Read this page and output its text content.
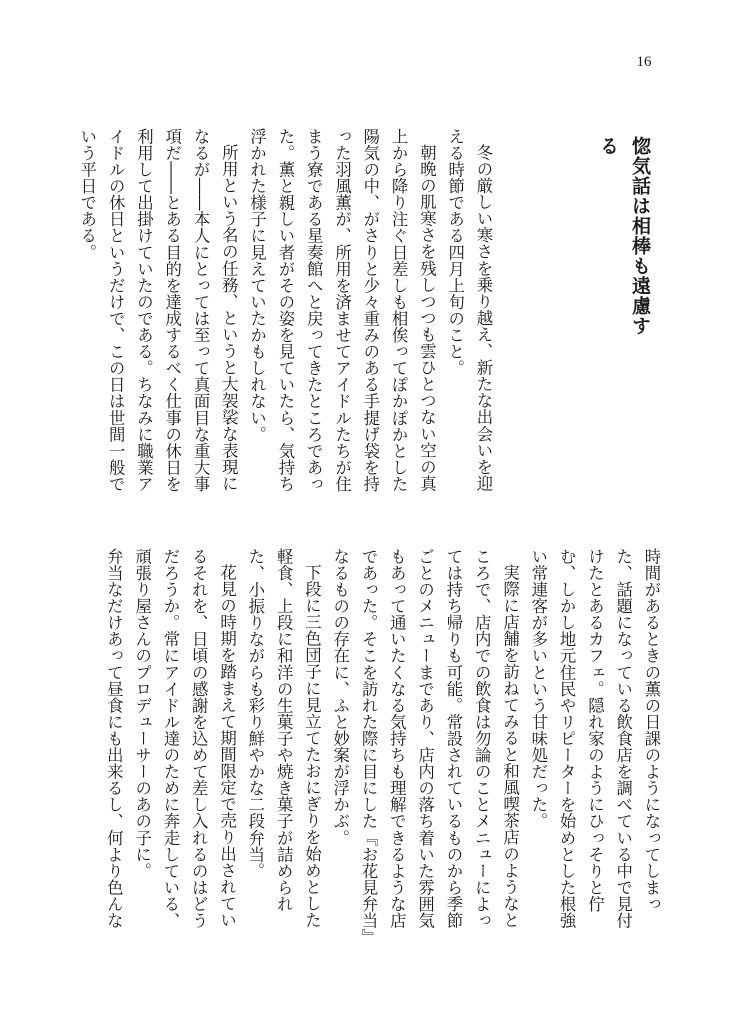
16
惚気話は相棒も遠慮する

冬の厳しい寒さを乗り越え、新たな出会いを迎える時節である四月上旬のこと。

朝晩の肌寒さを残しつつも雲ひとつない空の真上から降り注ぐ日差しも相俟ってぽかぽかとした陽気の中、がさりと少々重みのある手提げ袋を持った羽風薫が、所用を済ませてアイドルたちが住まう寮である星奏館へと戻ってきたところであった。薫と親しい者がその姿を見ていたら、気持ち浮かれた様子に見えていたかもしれない。

所用という名の任務、というと大袈裟な表現になるが――本人にとっては至って真面目な重大事項だ――とある目的を達成するべく仕事の休日を利用して出掛けていたのである。ちなみに職業アイドルの休日というだけで、この日は世間一般でいう平日である。

時間があるときの薫の日課のようになってしまった、話題になっている飲食店を調べている中で見付けたとあるカフェ。隠れ家のようにひっそりと佇む、しかし地元住民やリピーターを始めとした根強い常連客が多いという甘味処だった。

実際に店舗を訪ねてみると和風喫茶店のようなところで、店内での飲食は勿論のことメニューによっては持ち帰りも可能。常設されているものから季節ごとのメニューまであり、店内の落ち着いた雰囲気もあって通いたくなる気持ちも理解できるような店であった。そこを訪れた際に目にした『お花見弁当』なるものの存在に、ふと妙案が浮かぶ。

下段に三色団子に見立てたおにぎりを始めとした軽食、上段に和洋の生菓子や焼き菓子が詰められた、小振りながらも彩り鮮やかな二段弁当。

花見の時期を踏まえて期間限定で売り出されているそれを、日頃の感謝を込めて差し入れるのはどうだろうか。常にアイドル達のために奔走している、頑張り屋さんのプロデューサーのあの子に。

弁当なだけあって昼食にも出来るし、何より色んな
